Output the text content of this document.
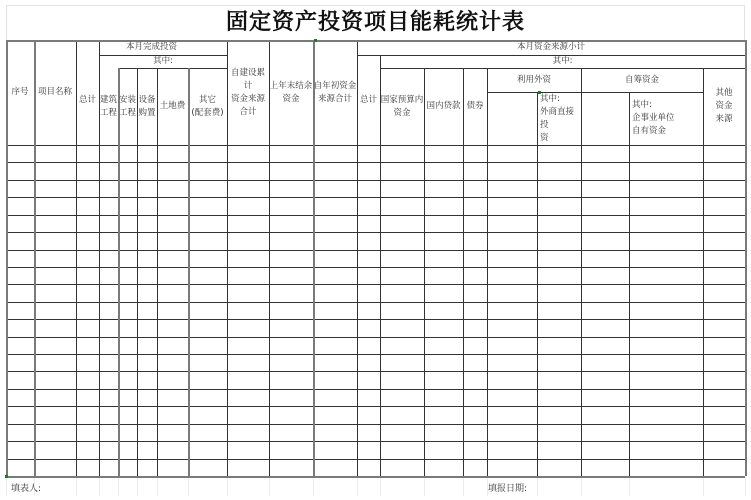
固定资产投资项目能耗统计表
序号	项目名称
本月完成投资
总计
其中:
建筑
工程
安装
工程
设备
购置
土地费
其它
(配套费)
自建设累计
资金来源
合计
上年末结余
资金
自年初资金
来源合计
本月资金来源小计
总计
其中:
国家预算内
资金
国内贷款 债券
利用外资
其中:
外商直接投
资
自筹资金
其中:
企事业单位
自有资金
其他
资金
来源
填表人:	填报日期:
